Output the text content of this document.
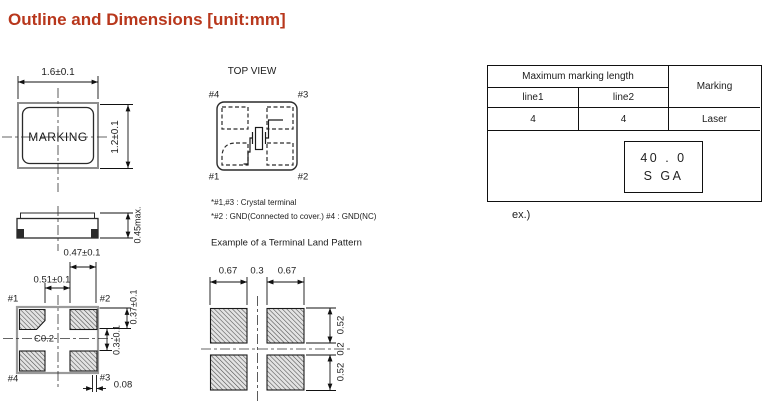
Outline and Dimensions [unit:mm]
1.6±0.1
1.2±0.1
MARKING
TOP VIEW
#4	#3
#1	#2
*#1,#3 : Crystal terminal
*#2 : GND(Connected to cover.) #4 : GND(NC)
Example of a Terminal Land Pattern
0.45max.
0.47±0.1
0.51±0.1
#1	#2
#4	#3
C0.2
0.37±0.1
0.3±0.1
0.08
0.67 0.3 0.67
0.52
0.2
0.52
Maximum marking length
Marking
line1	line2
4	4	Laser
ex.)
40 . 0
S GA
